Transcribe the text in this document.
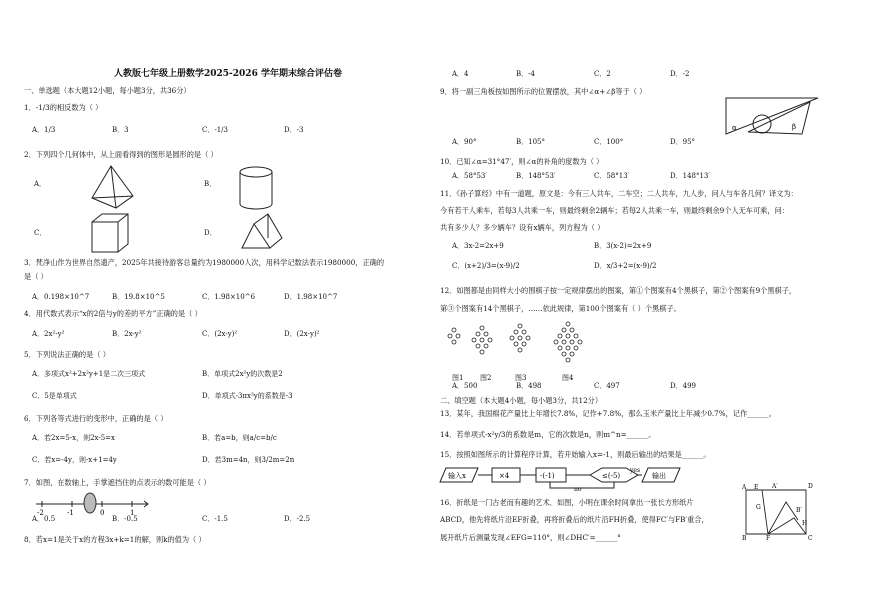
人教版七年级上册数学2025-2026 学年期末综合评估卷
一、单选题（本大题12小题，每小题3分，共36分）
1．-1/3的相反数为（ ）
A．1/3	B．3	C．-1/3	D．-3
2．下列四个几何体中，从上面看得到的图形是圆形的是（ ）
A．	B．
C．	D．
3．梵净山作为世界自然遗产，2025年共接待游客总量约为1980000人次，用科学记数法表示1980000，正确的
是（ ）
A．0.198×10^7	B．19.8×10^5	C．1.98×10^6	D．1.98×10^7
4．用代数式表示“x的2倍与y的差的平方”正确的是（ ）
A．2x²-y²	B．2x-y²	C．(2x-y)²	D．(2x-y)²
5．下列说法正确的是（ ）
A．多项式x²+2x²y+1是二次三项式	B．单项式2x²y的次数是2
C．5是单项式	D．单项式-3πx²y的系数是-3
6．下列各等式进行的变形中，正确的是（ ）
A．若2x=5-x，则2x-5=x	B．若a=b，则a/c=b/c
C．若x=-4y，则-x+1=4y	D．若3m=4n，则3/2m=2n
7．如图，在数轴上，手掌遮挡住的点表示的数可能是（ ）
-2	-1	0	1
A．0.5	B．-0.5	C．-1.5	D．-2.5
8．若x=1是关于x的方程3x+k=1的解，则k的值为（ ）
A．4	B．-4	C．2	D．-2
9．将一副三角板按如图所示的位置摆放，其中∠α+∠β等于（ ）
α	β
A．90°	B．105°	C．100°	D．95°
10．已知∠α=31°47′，则∠α的补角的度数为（ ）
A．58°53′	B．148°53′	C．58°13′	D．148°13′
11．《孙子算经》中有一道题，原文是：今有三人共车，二车空；二人共车，九人步，问人与车各几何？译文为：
今有若干人乘车，若每3人共乘一车，则最终剩余2辆车；若每2人共乘一车，则最终剩余9个人无车可乘，问：
共有多少人？多少辆车？设有x辆车，列方程为（ ）
A．3x-2=2x+9	B．3(x-2)=2x+9
C．(x+2)/3=(x-9)/2	D．x/3+2=(x-9)/2
12．如图都是由同样大小的围棋子按一定规律摆出的图案，第①个图案有4个黑棋子，第②个图案有9个黑棋子，
第③个图案有14个黑棋子，……依此规律，第100个图案有（ ）个黑棋子。
图1 图2	图3	图4
A．500	B．498	C．497	D．499
二、填空题（本大题4小题，每小题3分，共12分）
13．某年，我国棉花产量比上年增长7.8%，记作+7.8%，那么玉米产量比上年减少0.7%，记作______。
14．若单项式-x²y/3的系数是m，它的次数是n，则m^n=______。
15．按照如图所示的计算程序计算，若开始输入x=-1，则最后输出的结果是______。
输入x	×4	-(-1)	≤(-5)	输出
yes
no
16．折纸是一门古老而有趣的艺术．如图，小明在课余时间拿出一张长方形纸片
ABCD，他先将纸片沿EF折叠，再将折叠后的纸片沿FH折叠，使得FC′与FB′重合，
展开纸片后测量发现∠EFG=110°，则∠DHC′=______°
A E A′	D
G	B′
H
B	F	C
